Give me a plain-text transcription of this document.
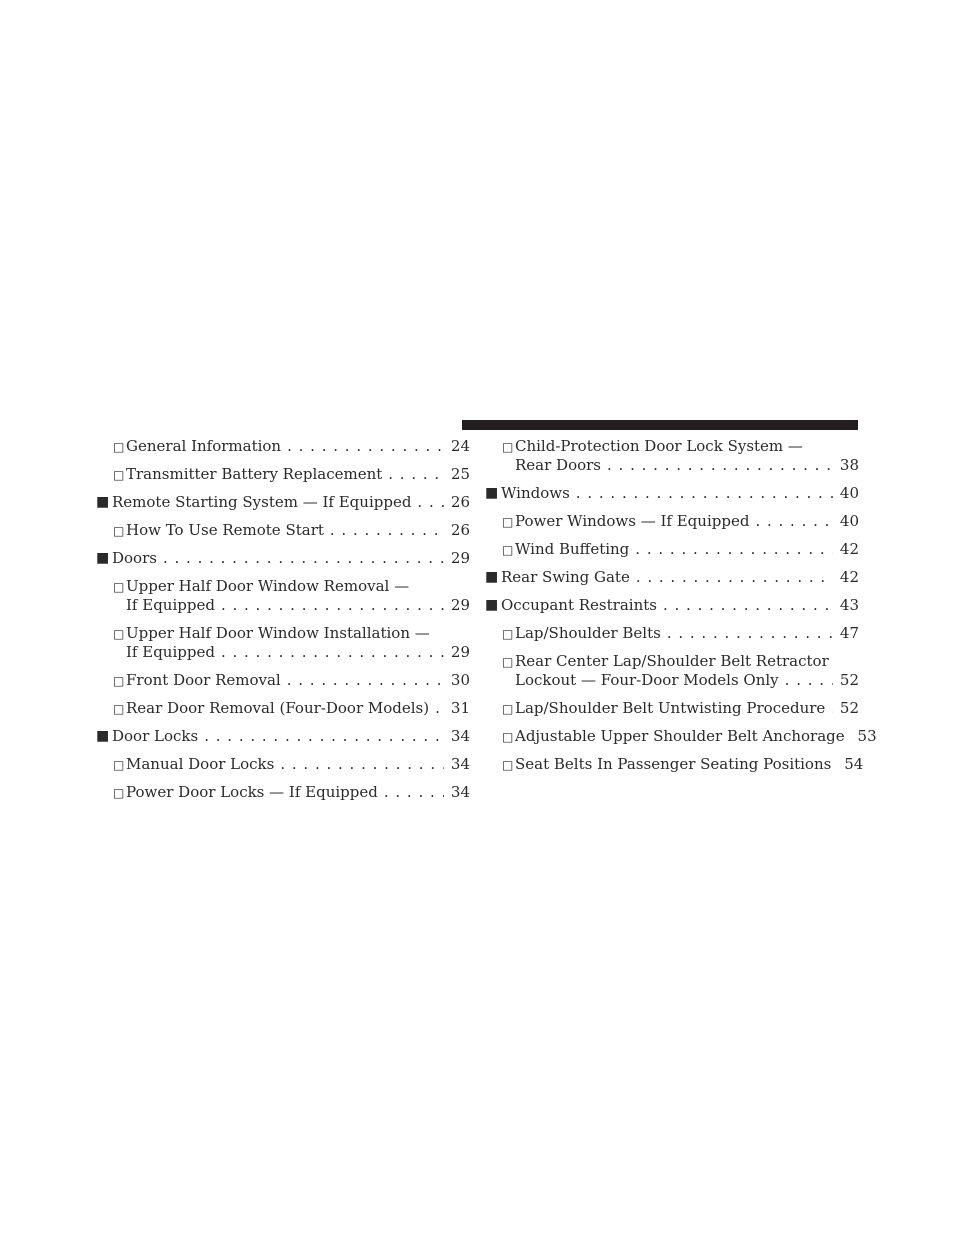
□ General Information . . .	24
□ Transmitter Battery Replacement . . .	25
■ Remote Starting System — If Equipped . . .	26
□ How To Use Remote Start . . .	26
■ Doors . . .	29
□ Upper Half Door Window Removal —
If Equipped . . .	29
□ Upper Half Door Window Installation —
If Equipped . . .	29
□ Front Door Removal . . .	30
□ Rear Door Removal (Four-Door Models) . . . 31
■ Door Locks . . .	34
□ Manual Door Locks . . .	34
□ Power Door Locks — If Equipped . . .	34
□ Child-Protection Door Lock System —
Rear Doors . . .	38
■ Windows . . .	40
□ Power Windows — If Equipped . . .	40
□ Wind Buffeting . . .	42
■ Rear Swing Gate . . .	42
■ Occupant Restraints . . .	43
□ Lap/Shoulder Belts . . .	47
□ Rear Center Lap/Shoulder Belt Retractor
Lockout — Four-Door Models Only . . .	52
□ Lap/Shoulder Belt Untwisting Procedure . . . 52
□ Adjustable Upper Shoulder Belt Anchorage 53
□ Seat Belts In Passenger Seating Positions 54
